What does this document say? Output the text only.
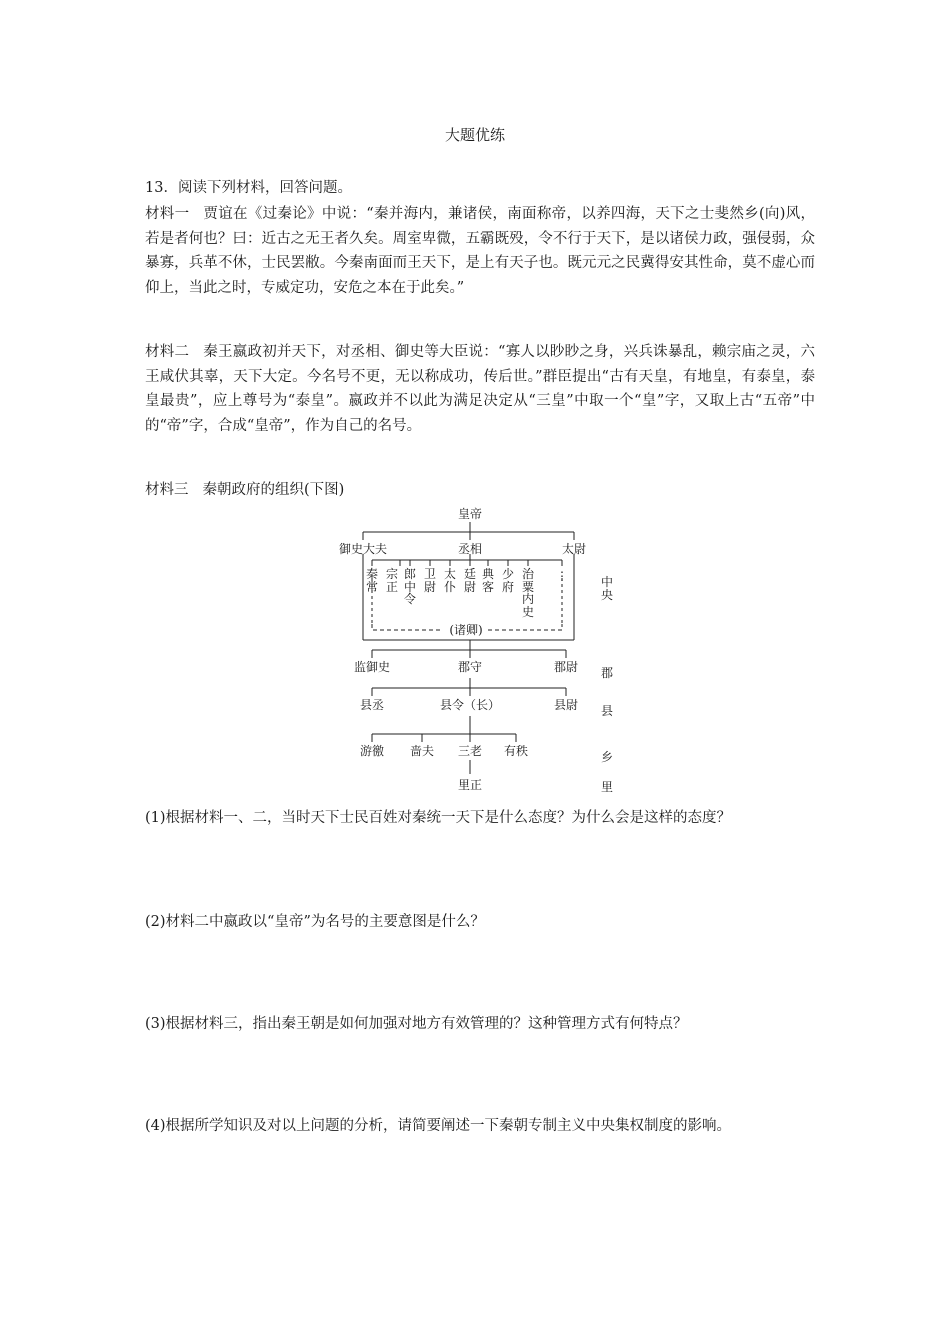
大题优练
13．阅读下列材料，回答问题。

材料一 贾谊在《过秦论》中说：“秦并海内，兼诸侯，南面称帝，以养四海，天下之士斐然乡(向)风，若是者何也？曰：近古之无王者久矣。周室卑微，五霸既殁，令不行于天下，是以诸侯力政，强侵弱，众暴寡，兵革不休，士民罢敝。今秦南面而王天下，是上有天子也。既元元之民冀得安其性命，莫不虚心而仰上，当此之时，专威定功，安危之本在于此矣。”

材料二 秦王嬴政初并天下，对丞相、御史等大臣说：“寡人以眇眇之身，兴兵诛暴乱，赖宗庙之灵，六王咸伏其辜，天下大定。今名号不更，无以称成功，传后世。”群臣提出“古有天皇，有地皇，有泰皇，泰皇最贵”，应上尊号为“泰皇”。嬴政并不以此为满足决定从“三皇”中取一个“皇”字，又取上古“五帝”中的“帝”字，合成“皇帝”，作为自己的名号。

材料三 秦朝政府的组织(下图)

皇帝
御史大夫	丞相	太尉
秦常
宗正
郎中令
卫尉
太仆
廷尉
典客
少府
治粟内史
⋮
(诸卿)
监御史	郡守	郡尉
县丞	县令（长）	县尉
游徼 啬夫 三老 有秩
里正
中央
郡
县
乡
里
(1)根据材料一、二，当时天下士民百姓对秦统一天下是什么态度？为什么会是这样的态度？
(2)材料二中嬴政以“皇帝”为名号的主要意图是什么？
(3)根据材料三，指出秦王朝是如何加强对地方有效管理的？这种管理方式有何特点？
(4)根据所学知识及对以上问题的分析，请简要阐述一下秦朝专制主义中央集权制度的影响。
